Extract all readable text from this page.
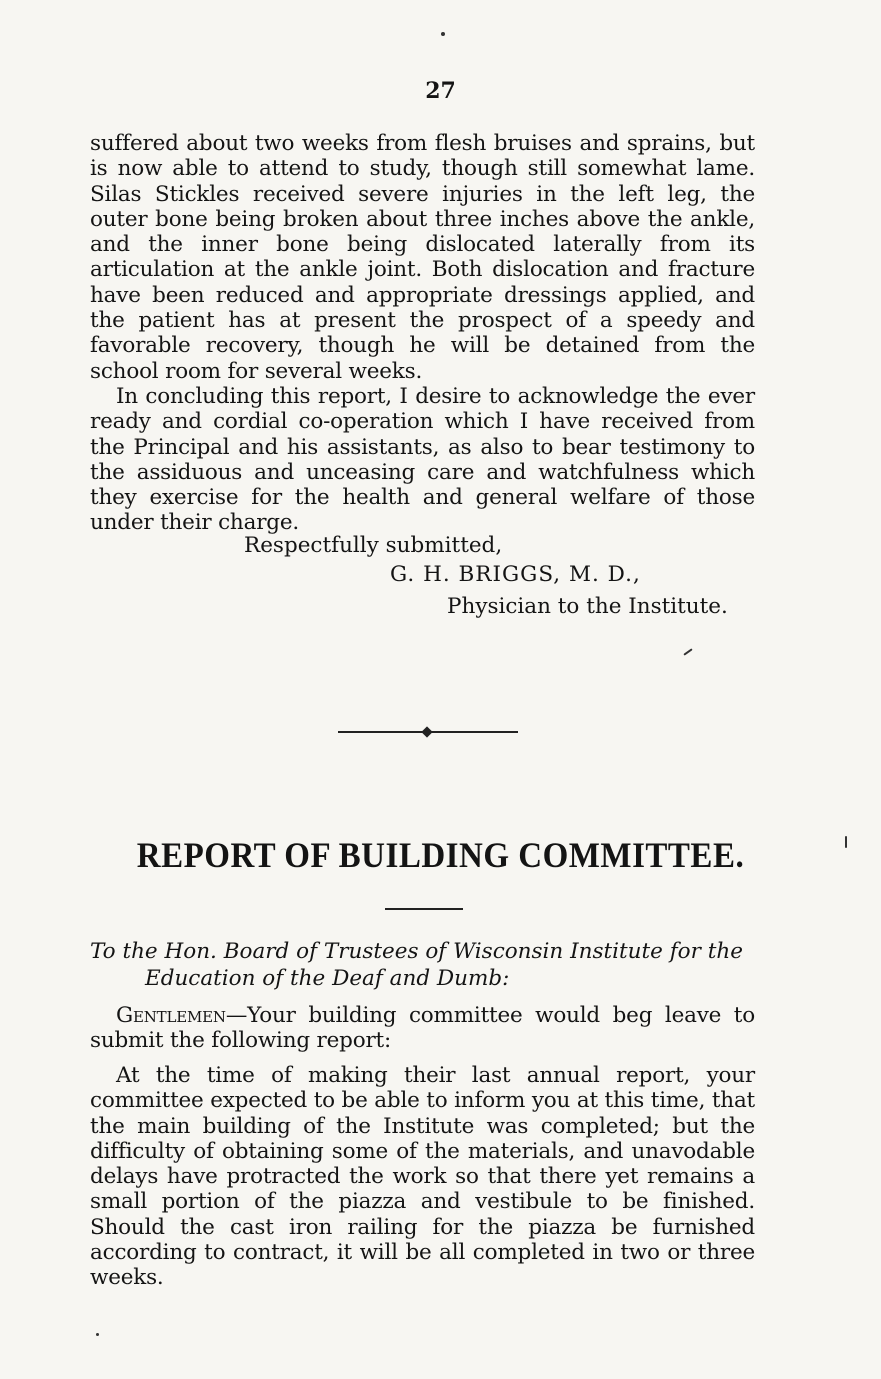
27

suffered about two weeks from flesh bruises and sprains, but is now able to attend to study, though still somewhat lame. Silas Stickles received severe injuries in the left leg, the outer bone being broken about three inches above the ankle, and the inner bone being dislocated laterally from its articulation at the ankle joint. Both dislocation and fracture have been reduced and appropriate dressings applied, and the patient has at present the prospect of a speedy and favorable recovery, though he will be detained from the school room for several weeks.

In concluding this report, I desire to acknowledge the ever ready and cordial co-operation which I have received from the Principal and his assistants, as also to bear testimony to the assiduous and unceasing care and watchfulness which they exercise for the health and general welfare of those under their charge.

Respectfully submitted,
G. H. BRIGGS, M. D.,
Physician to the Institute.
REPORT OF BUILDING COMMITTEE.
To the Hon. Board of Trustees of Wisconsin Institute for the
Education of the Deaf and Dumb:
Gentlemen—Your building committee would beg leave to submit the following report:

At the time of making their last annual report, your committee expected to be able to inform you at this time, that the main building of the Institute was completed; but the difficulty of obtaining some of the materials, and unavodable delays have protracted the work so that there yet remains a small portion of the piazza and vestibule to be finished. Should the cast iron railing for the piazza be furnished according to contract, it will be all completed in two or three weeks.
